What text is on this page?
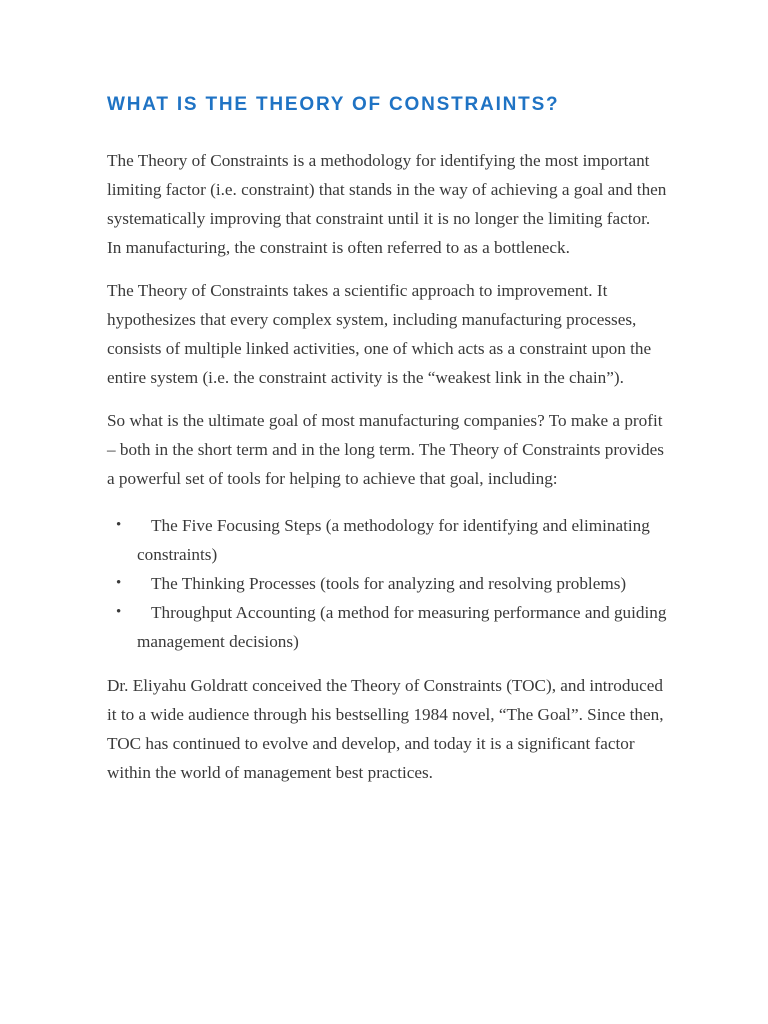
WHAT IS THE THEORY OF CONSTRAINTS?

The Theory of Constraints is a methodology for identifying the most important limiting factor (i.e. constraint) that stands in the way of achieving a goal and then systematically improving that constraint until it is no longer the limiting factor. In manufacturing, the constraint is often referred to as a bottleneck.

The Theory of Constraints takes a scientific approach to improvement. It hypothesizes that every complex system, including manufacturing processes, consists of multiple linked activities, one of which acts as a constraint upon the entire system (i.e. the constraint activity is the “weakest link in the chain”).

So what is the ultimate goal of most manufacturing companies? To make a profit – both in the short term and in the long term. The Theory of Constraints provides a powerful set of tools for helping to achieve that goal, including:

• The Five Focusing Steps (a methodology for identifying and eliminating constraints)
• The Thinking Processes (tools for analyzing and resolving problems)
• Throughput Accounting (a method for measuring performance and guiding management decisions)

Dr. Eliyahu Goldratt conceived the Theory of Constraints (TOC), and introduced it to a wide audience through his bestselling 1984 novel, “The Goal”. Since then, TOC has continued to evolve and develop, and today it is a significant factor within the world of management best practices.
